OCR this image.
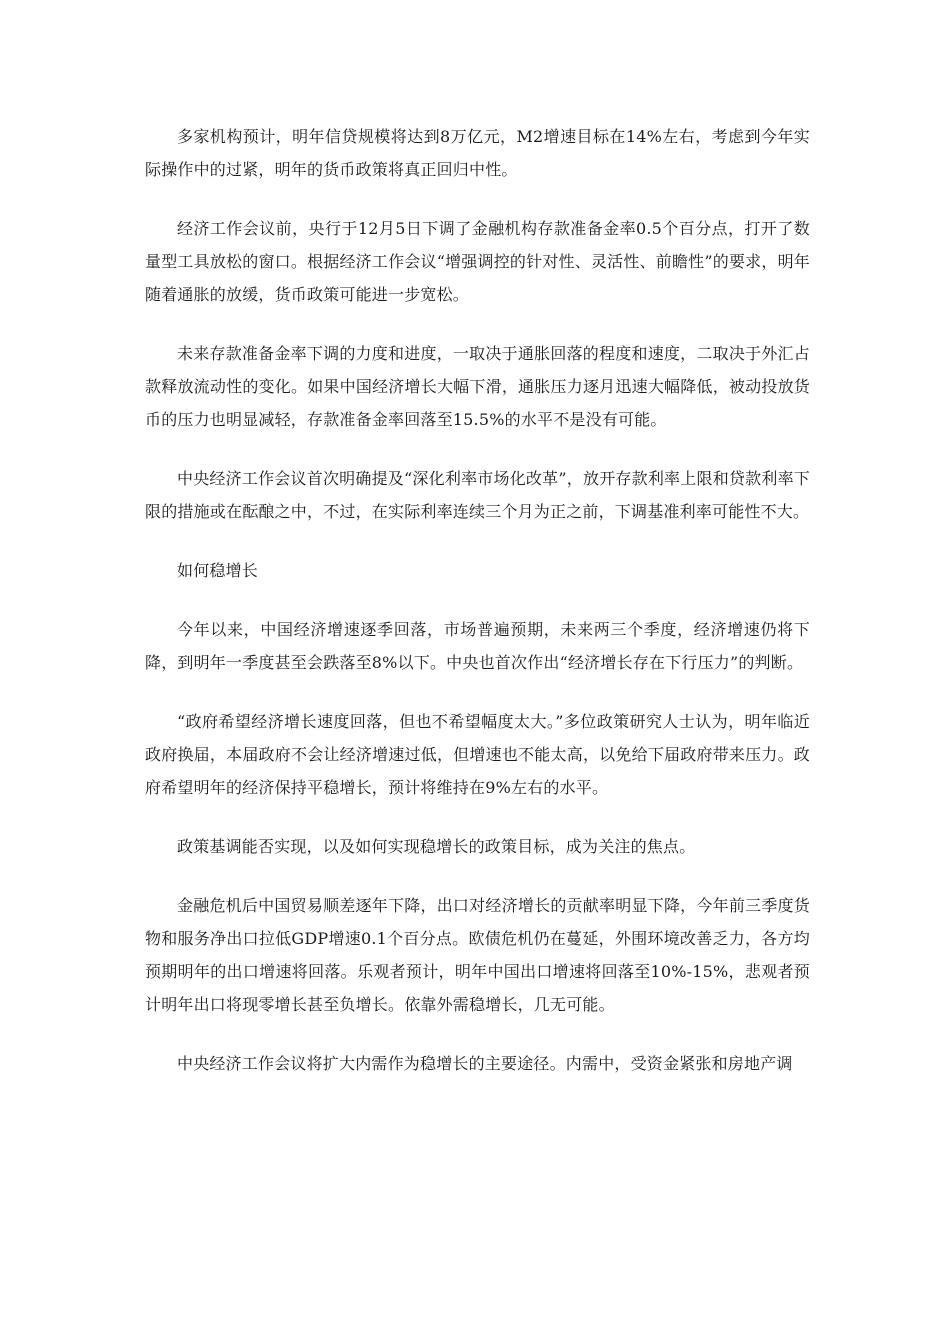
多家机构预计，明年信贷规模将达到8万亿元，M2增速目标在14%左右，考虑到今年实际操作中的过紧，明年的货币政策将真正回归中性。

经济工作会议前，央行于12月5日下调了金融机构存款准备金率0.5个百分点，打开了数量型工具放松的窗口。根据经济工作会议“增强调控的针对性、灵活性、前瞻性”的要求，明年随着通胀的放缓，货币政策可能进一步宽松。

未来存款准备金率下调的力度和进度，一取决于通胀回落的程度和速度，二取决于外汇占款释放流动性的变化。如果中国经济增长大幅下滑，通胀压力逐月迅速大幅降低，被动投放货币的压力也明显减轻，存款准备金率回落至15.5%的水平不是没有可能。

中央经济工作会议首次明确提及“深化利率市场化改革”，放开存款利率上限和贷款利率下限的措施或在酝酿之中，不过，在实际利率连续三个月为正之前，下调基准利率可能性不大。

如何稳增长

今年以来，中国经济增速逐季回落，市场普遍预期，未来两三个季度，经济增速仍将下降，到明年一季度甚至会跌落至8%以下。中央也首次作出“经济增长存在下行压力”的判断。

“政府希望经济增长速度回落，但也不希望幅度太大。”多位政策研究人士认为，明年临近政府换届，本届政府不会让经济增速过低，但增速也不能太高，以免给下届政府带来压力。政府希望明年的经济保持平稳增长，预计将维持在9%左右的水平。

政策基调能否实现，以及如何实现稳增长的政策目标，成为关注的焦点。

金融危机后中国贸易顺差逐年下降，出口对经济增长的贡献率明显下降，今年前三季度货物和服务净出口拉低GDP增速0.1个百分点。欧债危机仍在蔓延，外围环境改善乏力，各方均预期明年的出口增速将回落。乐观者预计，明年中国出口增速将回落至10%-15%，悲观者预计明年出口将现零增长甚至负增长。依靠外需稳增长，几无可能。

中央经济工作会议将扩大内需作为稳增长的主要途径。内需中，受资金紧张和房地产调
